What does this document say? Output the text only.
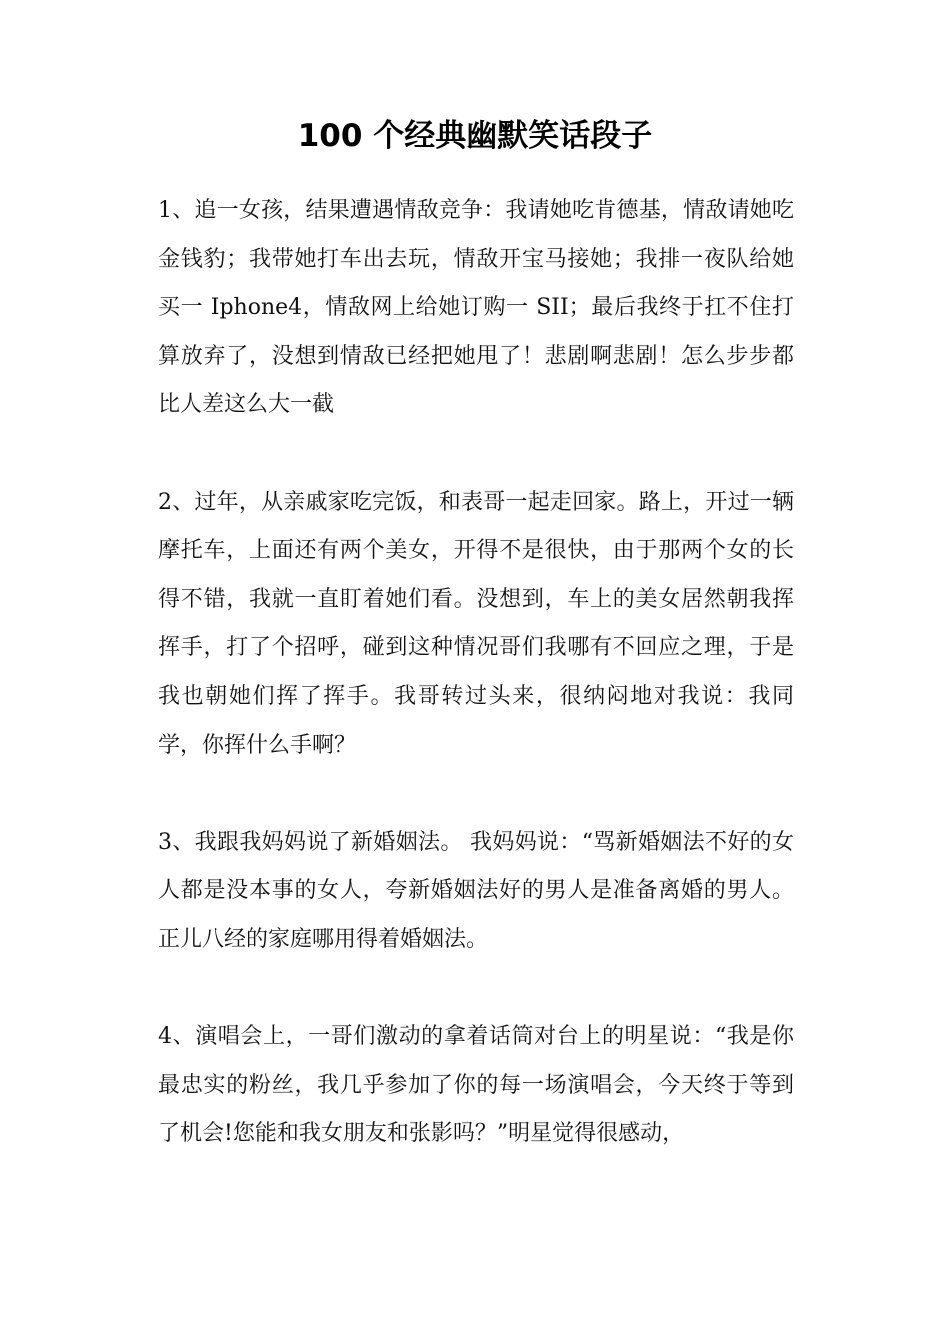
100 个经典幽默笑话段子

1、追一女孩，结果遭遇情敌竞争：我请她吃肯德基，情敌请她吃金钱豹；我带她打车出去玩，情敌开宝马接她；我排一夜队给她买一 Iphone4，情敌网上给她订购一 SII；最后我终于扛不住打算放弃了，没想到情敌已经把她甩了！悲剧啊悲剧！怎么步步都比人差这么大一截

2、过年，从亲戚家吃完饭，和表哥一起走回家。路上，开过一辆摩托车，上面还有两个美女，开得不是很快，由于那两个女的长得不错，我就一直盯着她们看。没想到，车上的美女居然朝我挥挥手，打了个招呼，碰到这种情况哥们我哪有不回应之理，于是我也朝她们挥了挥手。我哥转过头来，很纳闷地对我说：我同学，你挥什么手啊？

3、我跟我妈妈说了新婚姻法。 我妈妈说：“骂新婚姻法不好的女人都是没本事的女人，夸新婚姻法好的男人是准备离婚的男人。正儿八经的家庭哪用得着婚姻法。

4、演唱会上，一哥们激动的拿着话筒对台上的明星说：“我是你最忠实的粉丝，我几乎参加了你的每一场演唱会，今天终于等到了机会!您能和我女朋友和张影吗？”明星觉得很感动，
